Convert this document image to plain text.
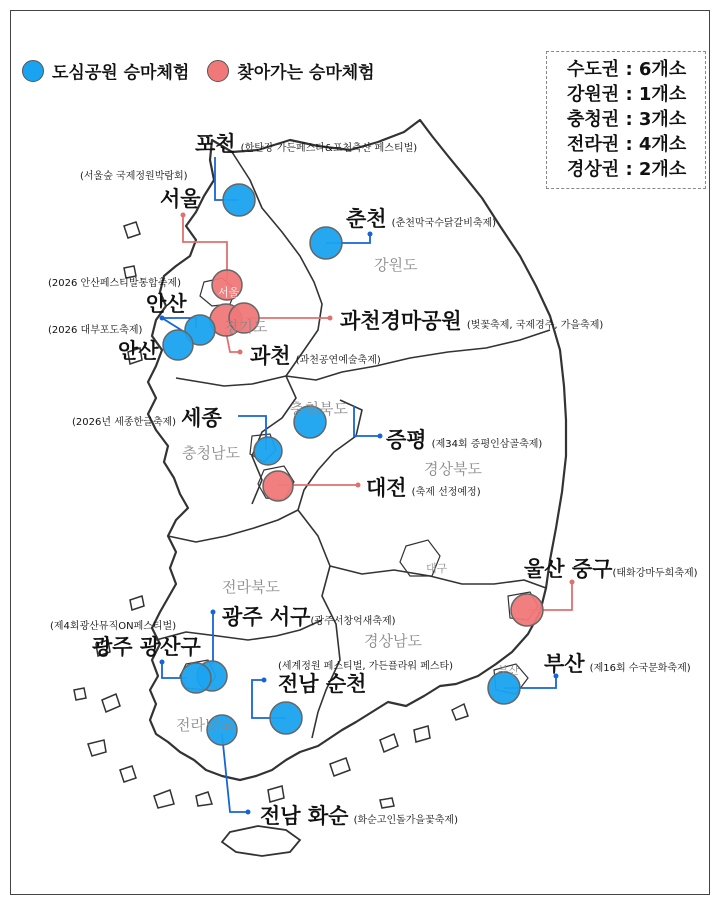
도심공원 승마체험	찾아가는 승마체험	수도권 : 6개소
강원권 : 1개소
충청권 : 3개소
전라권 : 4개소
경상권 : 2개소
강원도
경기도
충청북도
충청남도
경상북도
전라북도
경상남도
전라남도
대구
부산
서울
포천 (한탄강 가든페스타&포천축산 페스티벌)
(서울숲 국제정원박람회)
서울
춘천 (춘천막국수닭갈비축제)
(2026 안산페스티발통합축제)
안산
과천경마공원 (벚꽃축제, 국제경주, 가을축제)
(2026 대부포도축제)
안산	과천 (과천공연예술축제)
(2026년 세종한글축제) 세종
증평 (제34회 증평인삼골축제)
대전 (축제 선정예정)
울산 중구(태화강마두희축제)
광주 서구(광주서창억새축제)
(제4회광산뮤직ON페스티벌)
광주 광산구
(세계정원 페스티벌, 가든플라워 페스타)
전남 순천
부산 (제16회 수국문화축제)
전남 화순 (화순고인돌가을꽃축제)
